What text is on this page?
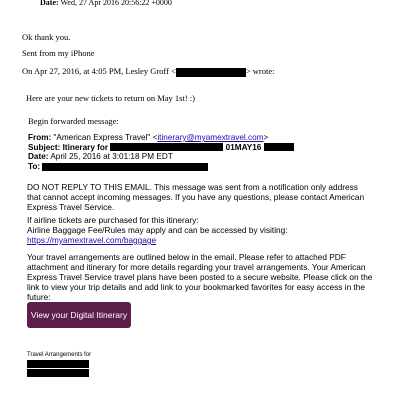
Date: Wed, 27 Apr 2016 20:56:22 +0000
Ok thank you.
Sent from my iPhone
On Apr 27, 2016, at 4:05 PM, Lesley Groff <	> wrote:
Here are your new tickets to return on May 1st! :)
Begin forwarded message:
From: "American Express Travel" <itinerary@myamextravel.com>
Subject: Itinerary for	01MAY16
Date: April 25, 2016 at 3:01:18 PM EDT
To:
DO NOT REPLY TO THIS EMAIL. This message was sent from a notification only address that cannot accept incoming messages. If you have any questions, please contact American Express Travel Service.
If airline tickets are purchased for this itinerary:
Airline Baggage Fee/Rules may apply and can be accessed by visiting:
https://myamextravel.com/baggage
Your travel arrangements are outlined below in the email. Please refer to attached PDF attachment and itinerary for more details regarding your travel arrangements. Your American Express Travel Service travel plans have been posted to a secure website. Please click on the link to view your trip details and add link to your bookmarked favorites for easy access in the future:
View your Digital Itinerary
Travel Arrangements for
